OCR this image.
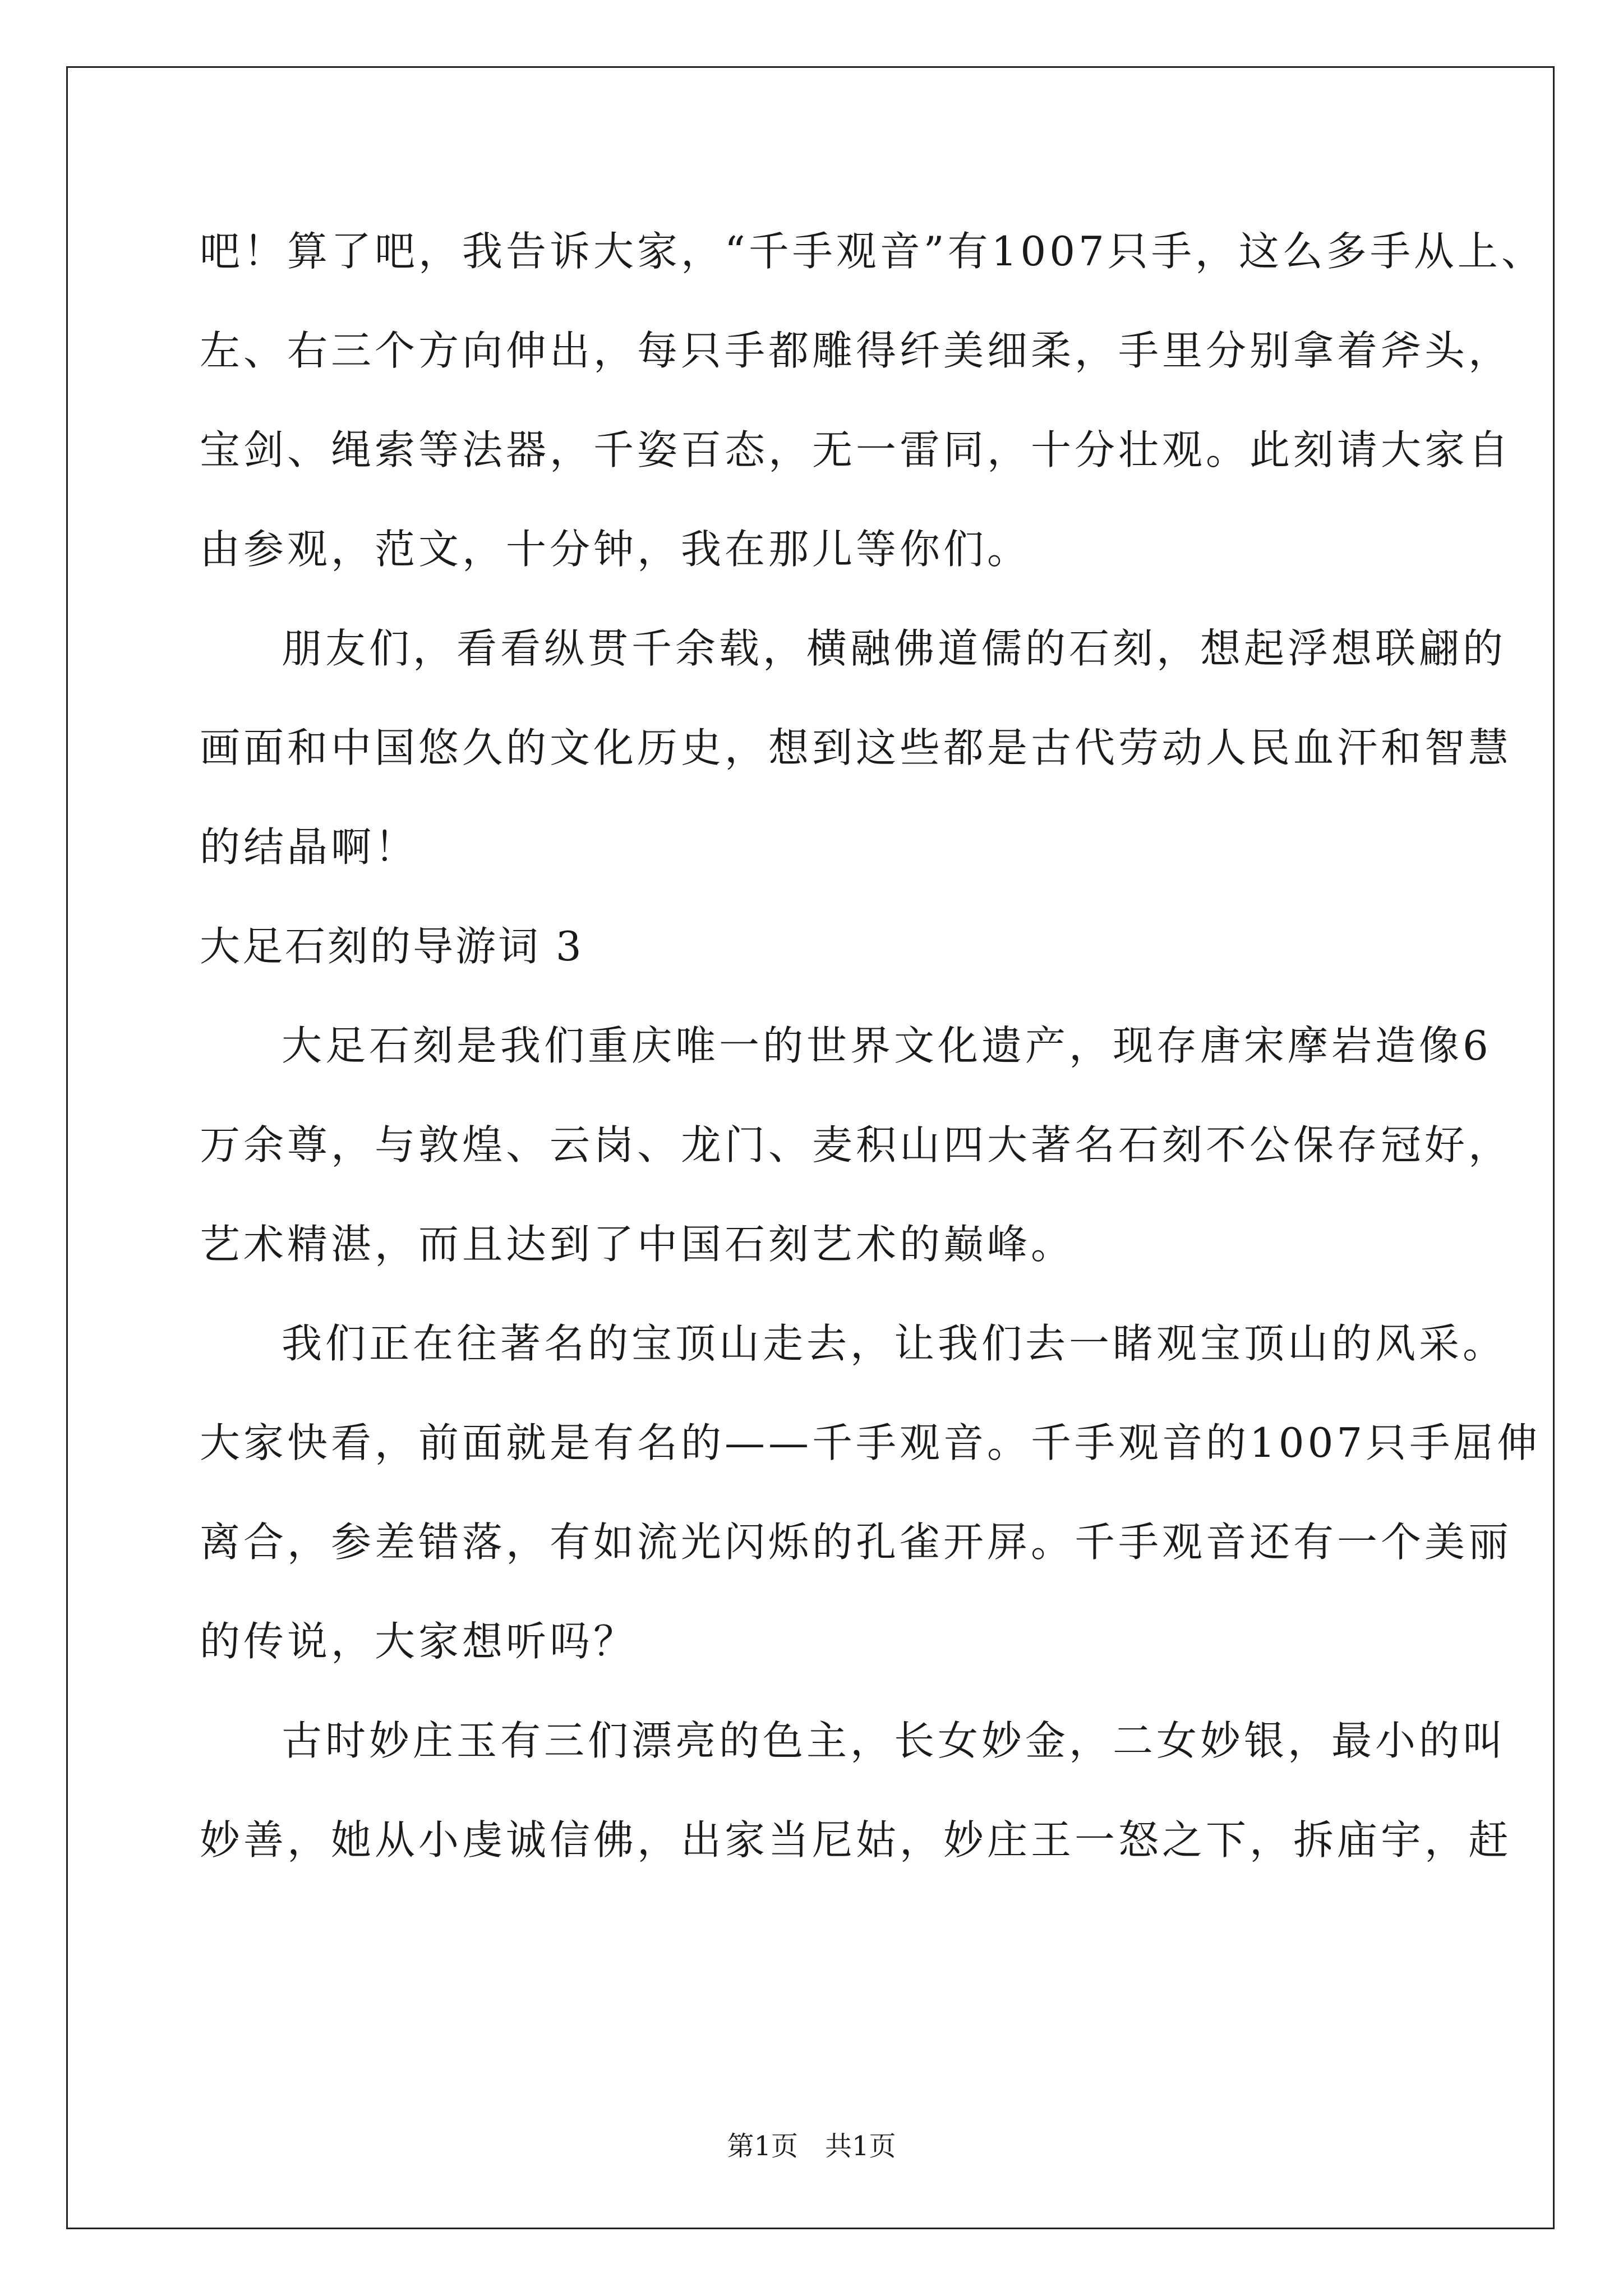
吧！算了吧，我告诉大家，“千手观音”有1007只手，这么多手从上、
左、右三个方向伸出，每只手都雕得纤美细柔，手里分别拿着斧头，
宝剑、绳索等法器，千姿百态，无一雷同，十分壮观。此刻请大家自
由参观，范文，十分钟，我在那儿等你们。
朋友们，看看纵贯千余载，横融佛道儒的石刻，想起浮想联翩的
画面和中国悠久的文化历史，想到这些都是古代劳动人民血汗和智慧
的结晶啊！
大足石刻的导游词 3
大足石刻是我们重庆唯一的世界文化遗产，现存唐宋摩岩造像6
万余尊，与敦煌、云岗、龙门、麦积山四大著名石刻不公保存冠好，
艺术精湛，而且达到了中国石刻艺术的巅峰。
我们正在往著名的宝顶山走去，让我们去一睹观宝顶山的风采。
大家快看，前面就是有名的——千手观音。千手观音的1007只手屈伸
离合，参差错落，有如流光闪烁的孔雀开屏。千手观音还有一个美丽
的传说，大家想听吗？
古时妙庄玉有三们漂亮的色主，长女妙金，二女妙银，最小的叫
妙善，她从小虔诚信佛，出家当尼姑，妙庄王一怒之下，拆庙宇，赶
第1页 共1页
